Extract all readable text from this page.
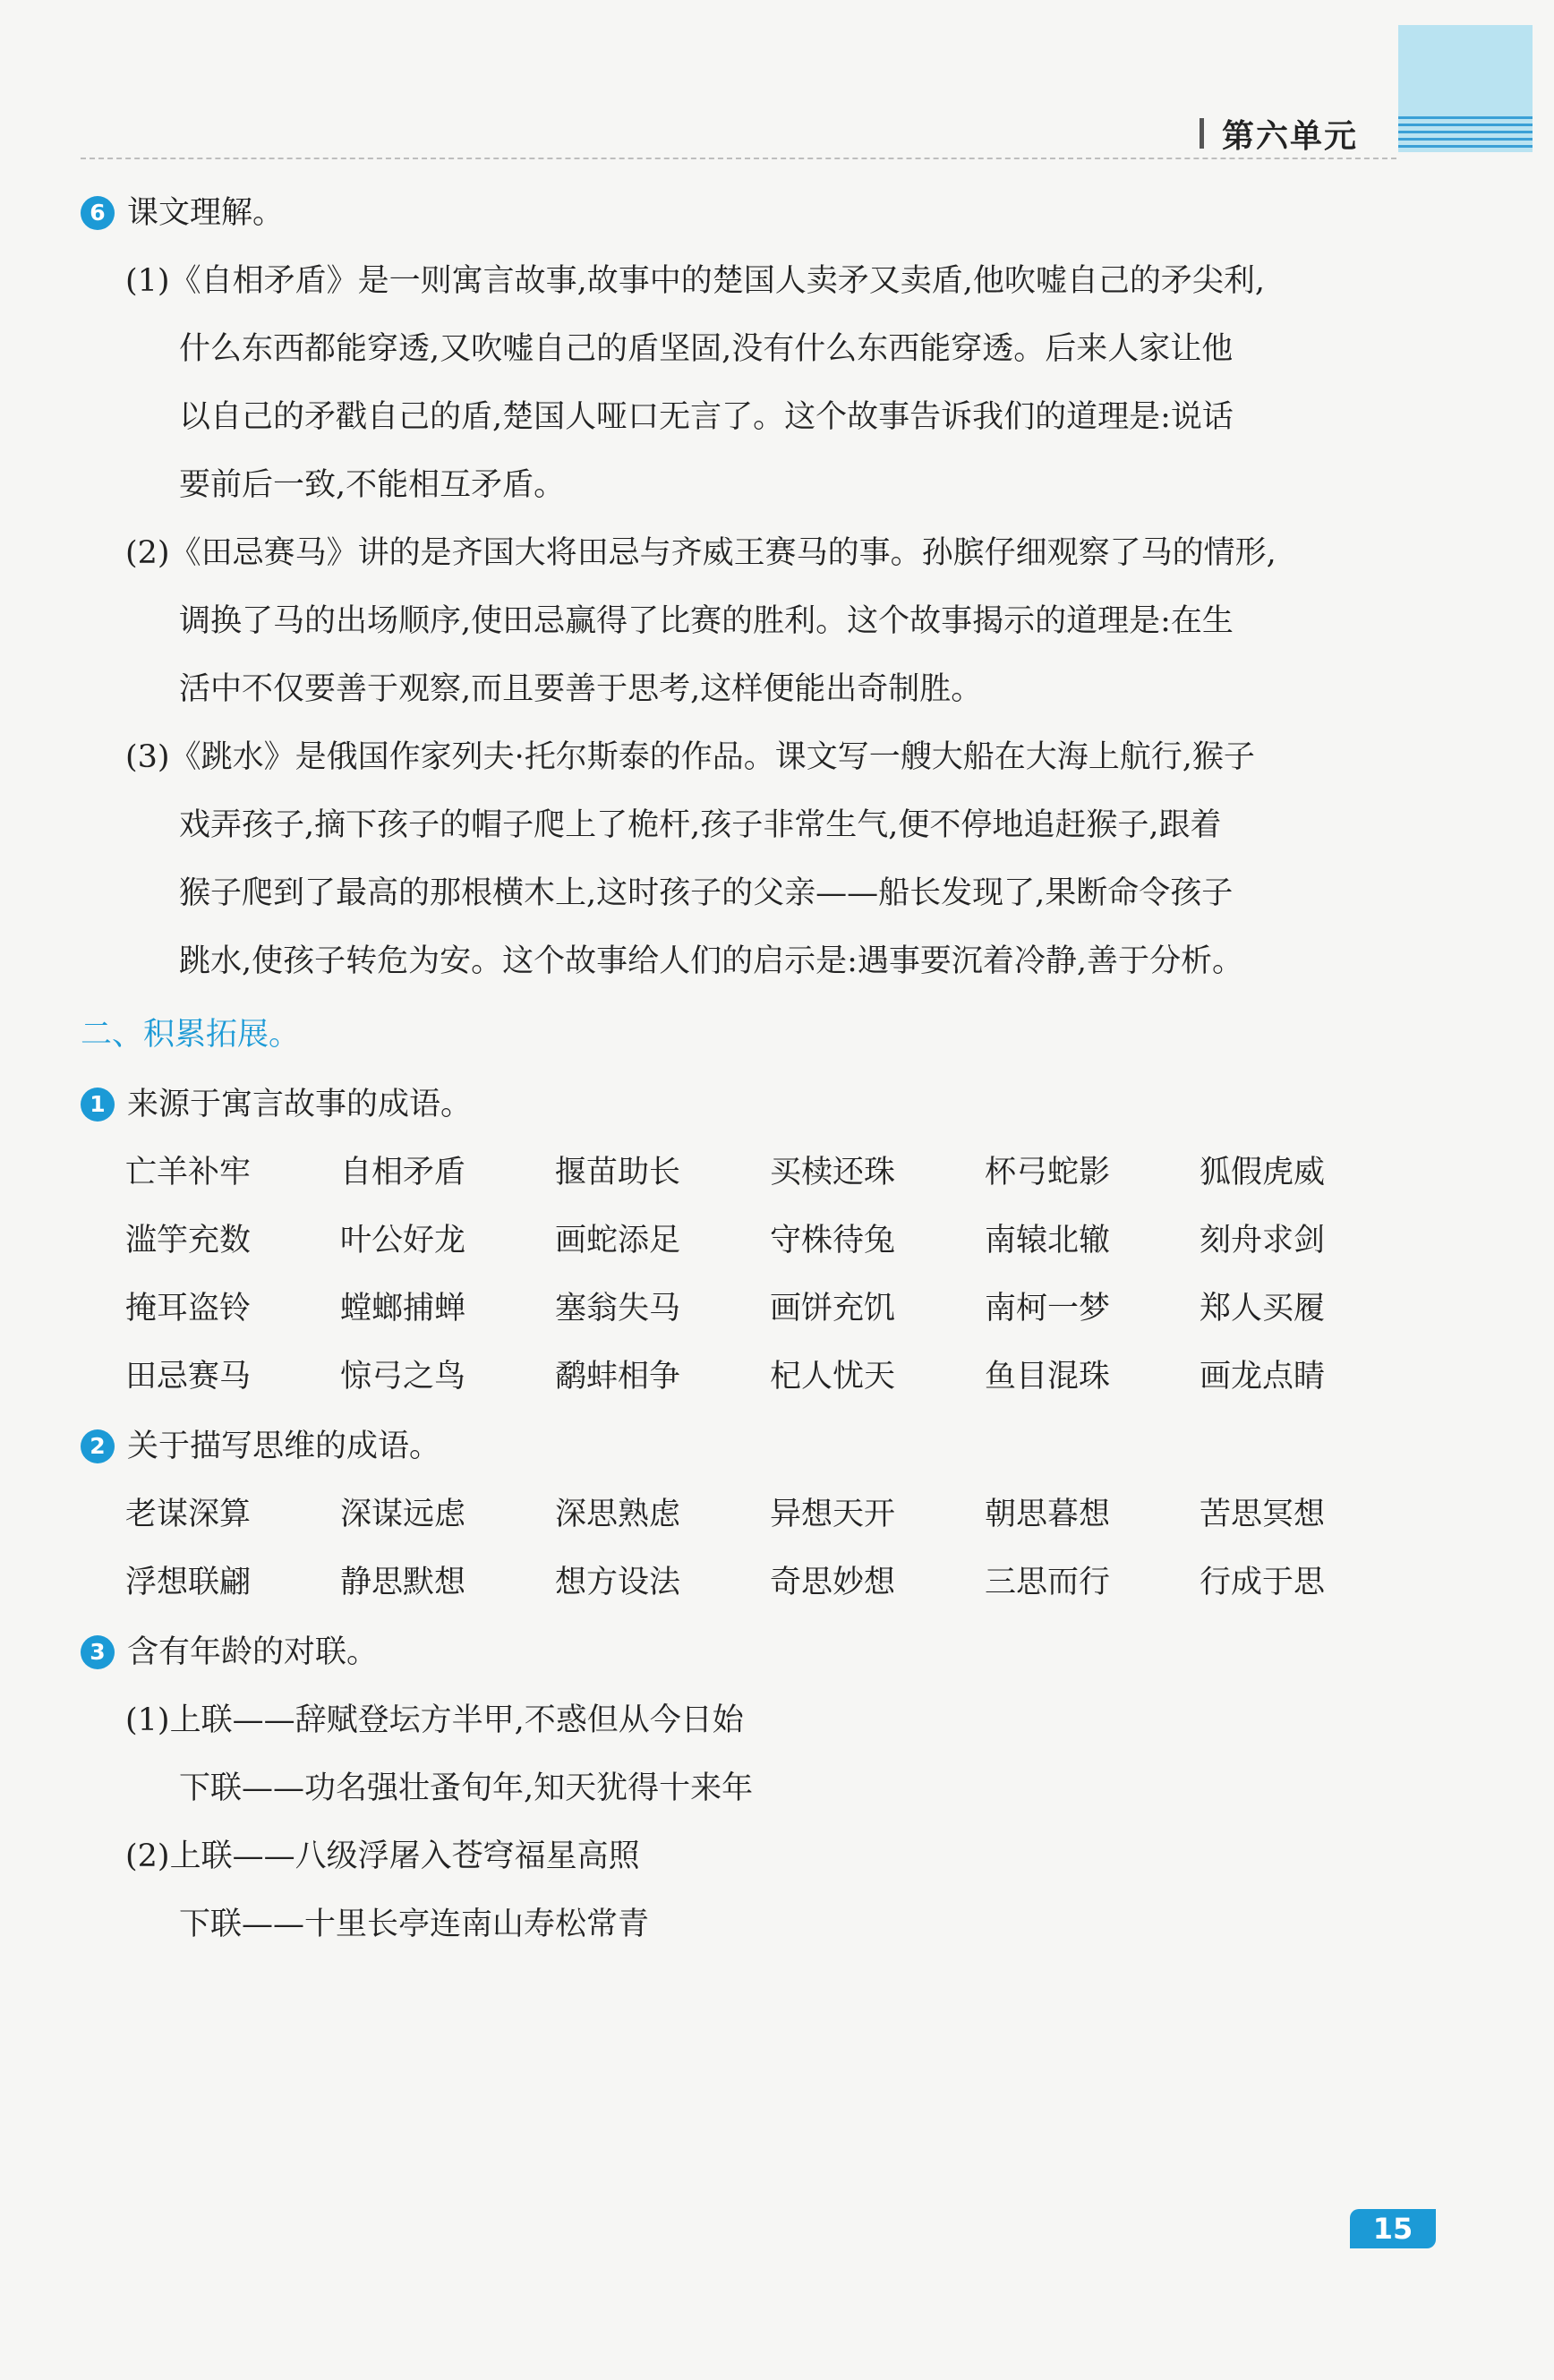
第六单元
6 课文理解。
(1)《自相矛盾》是一则寓言故事,故事中的楚国人卖矛又卖盾,他吹嘘自己的矛尖利,
什么东西都能穿透,又吹嘘自己的盾坚固,没有什么东西能穿透。后来人家让他
以自己的矛戳自己的盾,楚国人哑口无言了。这个故事告诉我们的道理是:说话
要前后一致,不能相互矛盾。
(2)《田忌赛马》讲的是齐国大将田忌与齐威王赛马的事。孙膑仔细观察了马的情形,
调换了马的出场顺序,使田忌赢得了比赛的胜利。这个故事揭示的道理是:在生
活中不仅要善于观察,而且要善于思考,这样便能出奇制胜。
(3)《跳水》是俄国作家列夫·托尔斯泰的作品。课文写一艘大船在大海上航行,猴子
戏弄孩子,摘下孩子的帽子爬上了桅杆,孩子非常生气,便不停地追赶猴子,跟着
猴子爬到了最高的那根横木上,这时孩子的父亲——船长发现了,果断命令孩子
跳水,使孩子转危为安。这个故事给人们的启示是:遇事要沉着冷静,善于分析。
二、积累拓展。
1 来源于寓言故事的成语。
亡羊补牢	自相矛盾	揠苗助长	买椟还珠	杯弓蛇影	狐假虎威
滥竽充数	叶公好龙	画蛇添足	守株待兔	南辕北辙	刻舟求剑
掩耳盗铃	螳螂捕蝉	塞翁失马	画饼充饥	南柯一梦	郑人买履
田忌赛马	惊弓之鸟	鹬蚌相争	杞人忧天	鱼目混珠	画龙点睛
2 关于描写思维的成语。
老谋深算	深谋远虑	深思熟虑	异想天开	朝思暮想	苦思冥想
浮想联翩	静思默想	想方设法	奇思妙想	三思而行	行成于思
3 含有年龄的对联。
(1)上联——辞赋登坛方半甲,不惑但从今日始
下联——功名强壮蚤旬年,知天犹得十来年
(2)上联——八级浮屠入苍穹福星高照
下联——十里长亭连南山寿松常青
15
